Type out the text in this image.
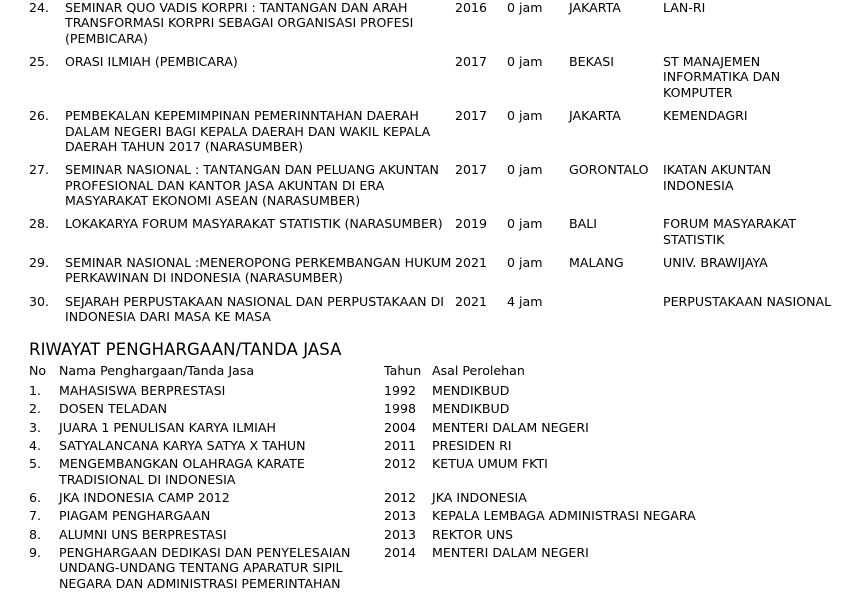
24.	SEMINAR QUO VADIS KORPRI : TANTANGAN DAN ARAH TRANSFORMASI KORPRI SEBAGAI ORGANISASI PROFESI (PEMBICARA)	2016	0 jam	JAKARTA	LAN-RI
25.	ORASI ILMIAH (PEMBICARA)	2017	0 jam	BEKASI	ST MANAJEMEN INFORMATIKA DAN KOMPUTER
26.	PEMBEKALAN KEPEMIMPINAN PEMERINNTAHAN DAERAH DALAM NEGERI BAGI KEPALA DAERAH DAN WAKIL KEPALA DAERAH TAHUN 2017 (NARASUMBER)	2017	0 jam	JAKARTA	KEMENDAGRI
27.	SEMINAR NASIONAL : TANTANGAN DAN PELUANG AKUNTAN PROFESIONAL DAN KANTOR JASA AKUNTAN DI ERA MASYARAKAT EKONOMI ASEAN (NARASUMBER)	2017	0 jam	GORONTALO	IKATAN AKUNTAN INDONESIA
28.	LOKAKARYA FORUM MASYARAKAT STATISTIK (NARASUMBER)	2019	0 jam	BALI	FORUM MASYARAKAT STATISTIK
29.	SEMINAR NASIONAL :MENEROPONG PERKEMBANGAN HUKUM PERKAWINAN DI INDONESIA (NARASUMBER)	2021	0 jam	MALANG	UNIV. BRAWIJAYA
30.	SEJARAH PERPUSTAKAAN NASIONAL DAN PERPUSTAKAAN DI INDONESIA DARI MASA KE MASA	2021	4 jam		PERPUSTAKAAN NASIONAL
RIWAYAT PENGHARGAAN/TANDA JASA
No	Nama Penghargaan/Tanda Jasa	Tahun	Asal Perolehan
1.	MAHASISWA BERPRESTASI	1992	MENDIKBUD
2.	DOSEN TELADAN	1998	MENDIKBUD
3.	JUARA 1 PENULISAN KARYA ILMIAH	2004	MENTERI DALAM NEGERI
4.	SATYALANCANA KARYA SATYA X TAHUN	2011	PRESIDEN RI
5.	MENGEMBANGKAN OLAHRAGA KARATE TRADISIONAL DI INDONESIA	2012	KETUA UMUM FKTI
6.	JKA INDONESIA CAMP 2012	2012	JKA INDONESIA
7.	PIAGAM PENGHARGAAN	2013	KEPALA LEMBAGA ADMINISTRASI NEGARA
8.	ALUMNI UNS BERPRESTASI	2013	REKTOR UNS
9.	PENGHARGAAN DEDIKASI DAN PENYELESAIAN UNDANG-UNDANG TENTANG APARATUR SIPIL NEGARA DAN ADMINISTRASI PEMERINTAHAN	2014	MENTERI DALAM NEGERI
